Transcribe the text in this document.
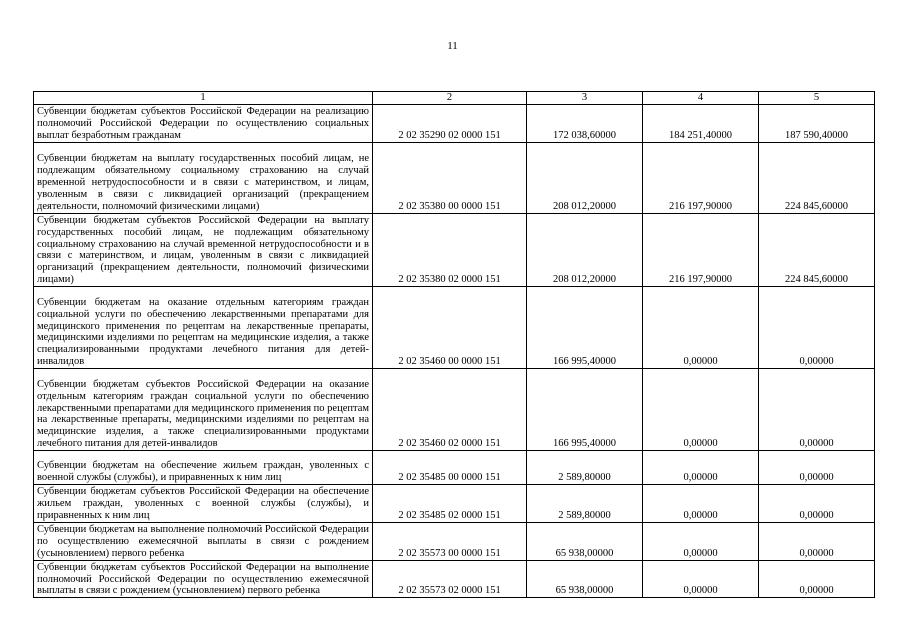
11
1	2	3	4	5
Субвенции бюджетам субъектов Российской Федерации на реализацию полномочий Российской Федерации по осуществлению социальных выплат безработным гражданам	2 02 35290 02 0000 151	172 038,60000	184 251,40000	187 590,40000
Субвенции бюджетам на выплату государственных пособий лицам, не подлежащим обязательному социальному страхованию на случай временной нетрудоспособности и в связи с материнством, и лицам, уволенным в связи с ликвидацией организаций (прекращением деятельности, полномочий физическими лицами)	2 02 35380 00 0000 151	208 012,20000	216 197,90000	224 845,60000
Субвенции бюджетам субъектов Российской Федерации на выплату государственных пособий лицам, не подлежащим обязательному социальному страхованию на случай временной нетрудоспособности и в связи с материнством, и лицам, уволенным в связи с ликвидацией организаций (прекращением деятельности, полномочий физическими лицами)	2 02 35380 02 0000 151	208 012,20000	216 197,90000	224 845,60000
Субвенции бюджетам на оказание отдельным категориям граждан социальной услуги по обеспечению лекарственными препаратами для медицинского применения по рецептам на лекарственные препараты, медицинскими изделиями по рецептам на медицинские изделия, а также специализированными продуктами лечебного питания для детей-инвалидов	2 02 35460 00 0000 151	166 995,40000	0,00000	0,00000
Субвенции бюджетам субъектов Российской Федерации на оказание отдельным категориям граждан социальной услуги по обеспечению лекарственными препаратами для медицинского применения по рецептам на лекарственные препараты, медицинскими изделиями по рецептам на медицинские изделия, а также специализированными продуктами лечебного питания для детей-инвалидов	2 02 35460 02 0000 151	166 995,40000	0,00000	0,00000
Субвенции бюджетам на обеспечение жильем граждан, уволенных с военной службы (службы), и приравненных к ним лиц	2 02 35485 00 0000 151	2 589,80000	0,00000	0,00000
Субвенции бюджетам субъектов Российской Федерации на обеспечение жильем граждан, уволенных с военной службы (службы), и приравненных к ним лиц	2 02 35485 02 0000 151	2 589,80000	0,00000	0,00000
Субвенции бюджетам на выполнение полномочий Российской Федерации по осуществлению ежемесячной выплаты в связи с рождением (усыновлением) первого ребенка	2 02 35573 00 0000 151	65 938,00000	0,00000	0,00000
Субвенции бюджетам субъектов Российской Федерации на выполнение полномочий Российской Федерации по осуществлению ежемесячной выплаты в связи с рождением (усыновлением) первого ребенка	2 02 35573 02 0000 151	65 938,00000	0,00000	0,00000
